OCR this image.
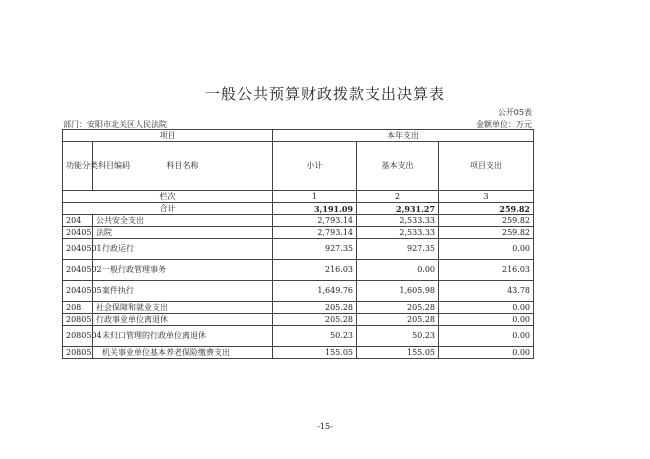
一般公共预算财政拨款支出决算表
公开05表
部门：安阳市北关区人民法院	金额单位：万元
项目		本年支出		
功能分类科目编码	科目名称	小计	基本支出	项目支出
栏次		1	2	3
合计		3,191.09	2,931.27	259.82
204	公共安全支出	2,793.14	2,533.33	259.82
20405	法院	2,793.14	2,533.33	259.82
2040501	行政运行	927.35	927.35	0.00
2040502	一般行政管理事务	216.03	0.00	216.03
2040505	案件执行	1,649.76	1,605.98	43.78
208	社会保障和就业支出	205.28	205.28	0.00
20805	行政事业单位离退休	205.28	205.28	0.00
2080504	未归口管理的行政单位离退休	50.23	50.23	0.00
20805	机关事业单位基本养老保险缴费支出	155.05	155.05	0.00
-15-
